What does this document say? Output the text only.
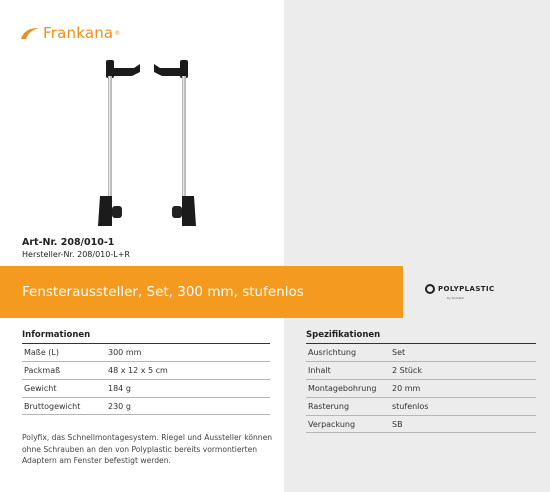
Frankana ®
Art-Nr. 208/010-1
Hersteller-Nr. 208/010-L+R
Fensteraussteller, Set, 300 mm, stufenlos	POLYPLASTIC
by Dometic
Informationen
Maße (L)	300 mm
Packmaß	48 x 12 x 5 cm
Gewicht	184 g
Bruttogewicht	230 g
Spezifikationen
Ausrichtung	Set
Inhalt	2 Stück
Montagebohrung	20 mm
Rasterung	stufenlos
Verpackung	SB
Polyfix, das Schnellmontagesystem. Riegel und Aussteller können ohne Schrauben an den von Polyplastic bereits vormontierten Adaptern am Fenster befestigt werden.
